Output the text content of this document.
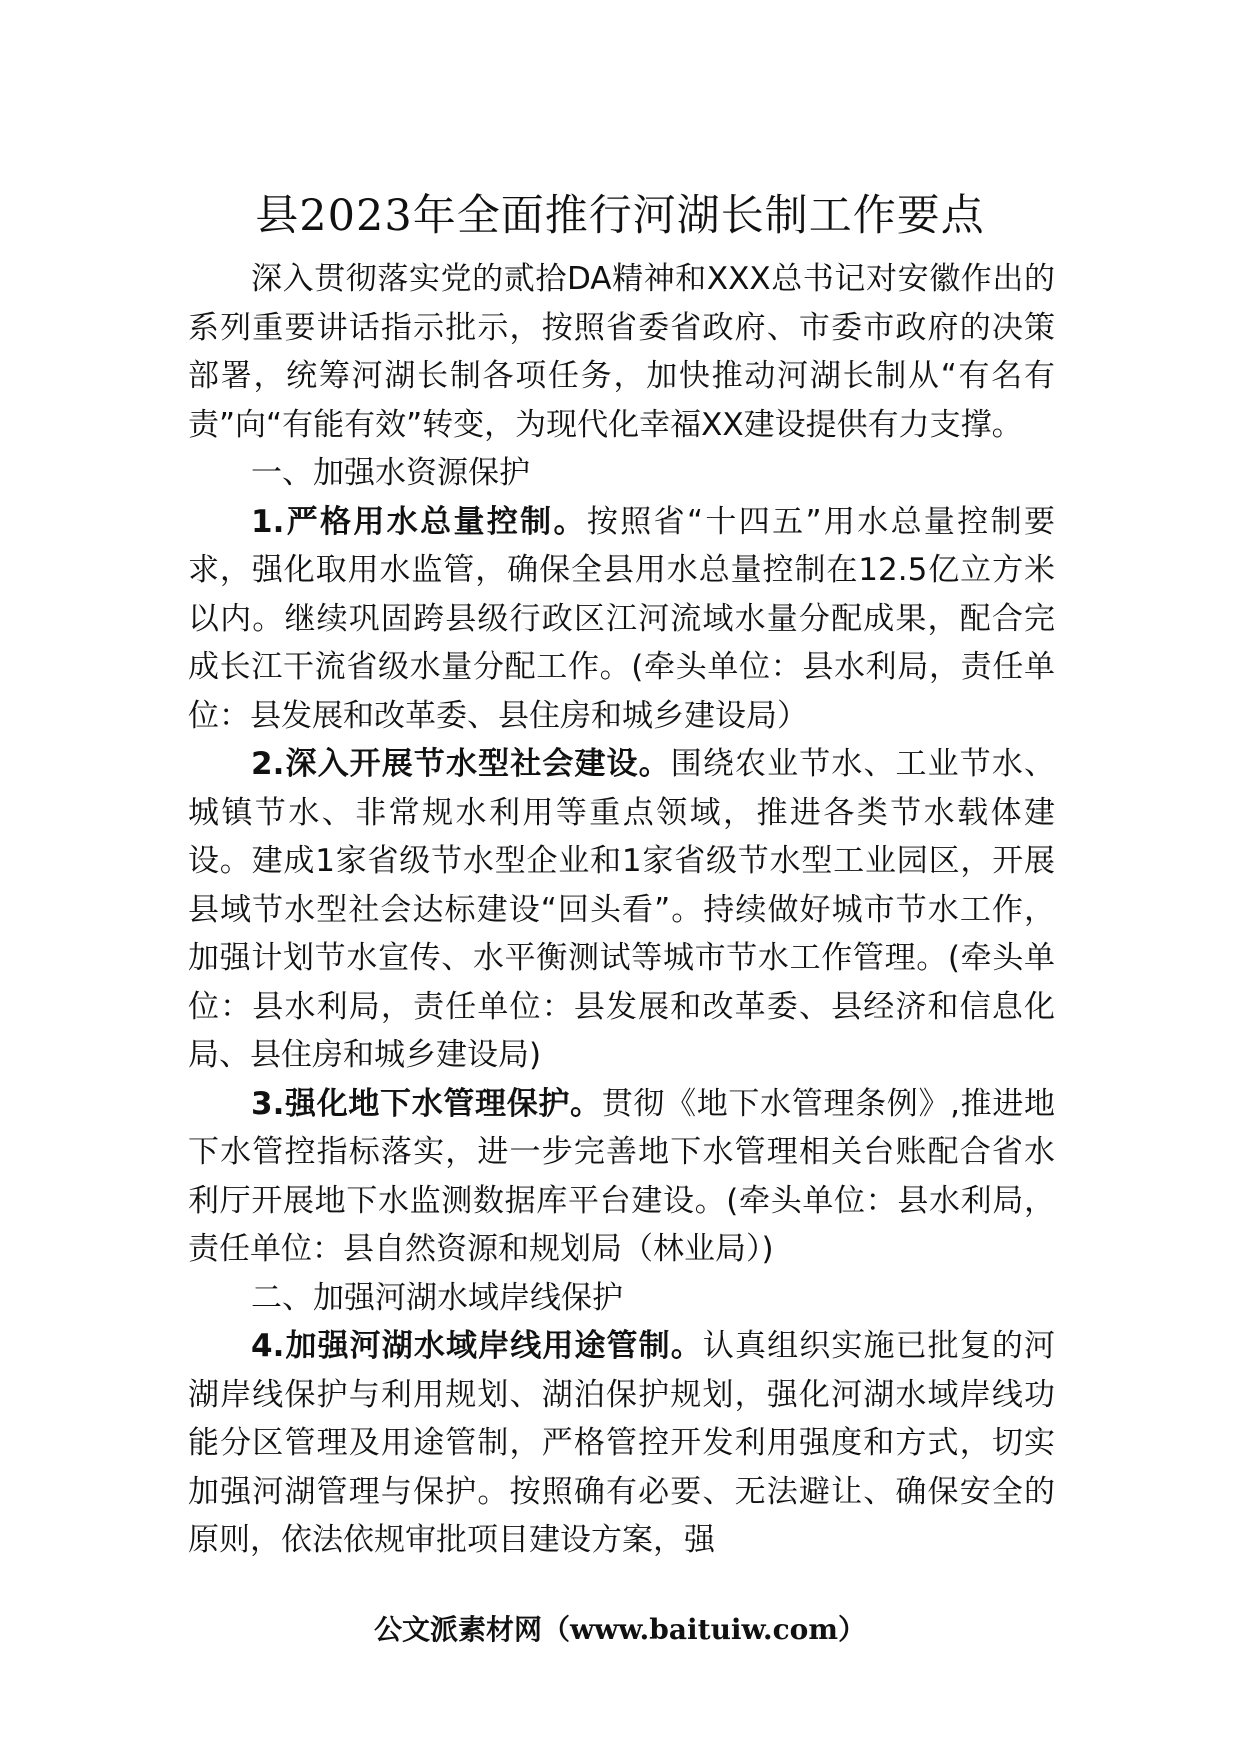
县2023年全面推行河湖长制工作要点

深入贯彻落实党的贰拾DA精神和XXX总书记对安徽作出的系列重要讲话指示批示，按照省委省政府、市委市政府的决策部署，统筹河湖长制各项任务，加快推动河湖长制从“有名有责”向“有能有效”转变，为现代化幸福XX建设提供有力支撑。

一、加强水资源保护

1.严格用水总量控制。按照省“十四五”用水总量控制要求，强化取用水监管，确保全县用水总量控制在12.5亿立方米以内。继续巩固跨县级行政区江河流域水量分配成果，配合完成长江干流省级水量分配工作。(牵头单位：县水利局，责任单位：县发展和改革委、县住房和城乡建设局）

2.深入开展节水型社会建设。围绕农业节水、工业节水、城镇节水、非常规水利用等重点领域，推进各类节水载体建设。建成1家省级节水型企业和1家省级节水型工业园区，开展县域节水型社会达标建设“回头看”。持续做好城市节水工作，加强计划节水宣传、水平衡测试等城市节水工作管理。(牵头单位：县水利局，责任单位：县发展和改革委、县经济和信息化局、县住房和城乡建设局)

3.强化地下水管理保护。贯彻《地下水管理条例》,推进地下水管控指标落实，进一步完善地下水管理相关台账配合省水利厅开展地下水监测数据库平台建设。(牵头单位：县水利局，责任单位：县自然资源和规划局（林业局）)

二、加强河湖水域岸线保护

4.加强河湖水域岸线用途管制。认真组织实施已批复的河湖岸线保护与利用规划、湖泊保护规划，强化河湖水域岸线功能分区管理及用途管制，严格管控开发利用强度和方式，切实加强河湖管理与保护。按照确有必要、无法避让、确保安全的原则，依法依规审批项目建设方案，强

公文派素材网（www.baituiw.com）
